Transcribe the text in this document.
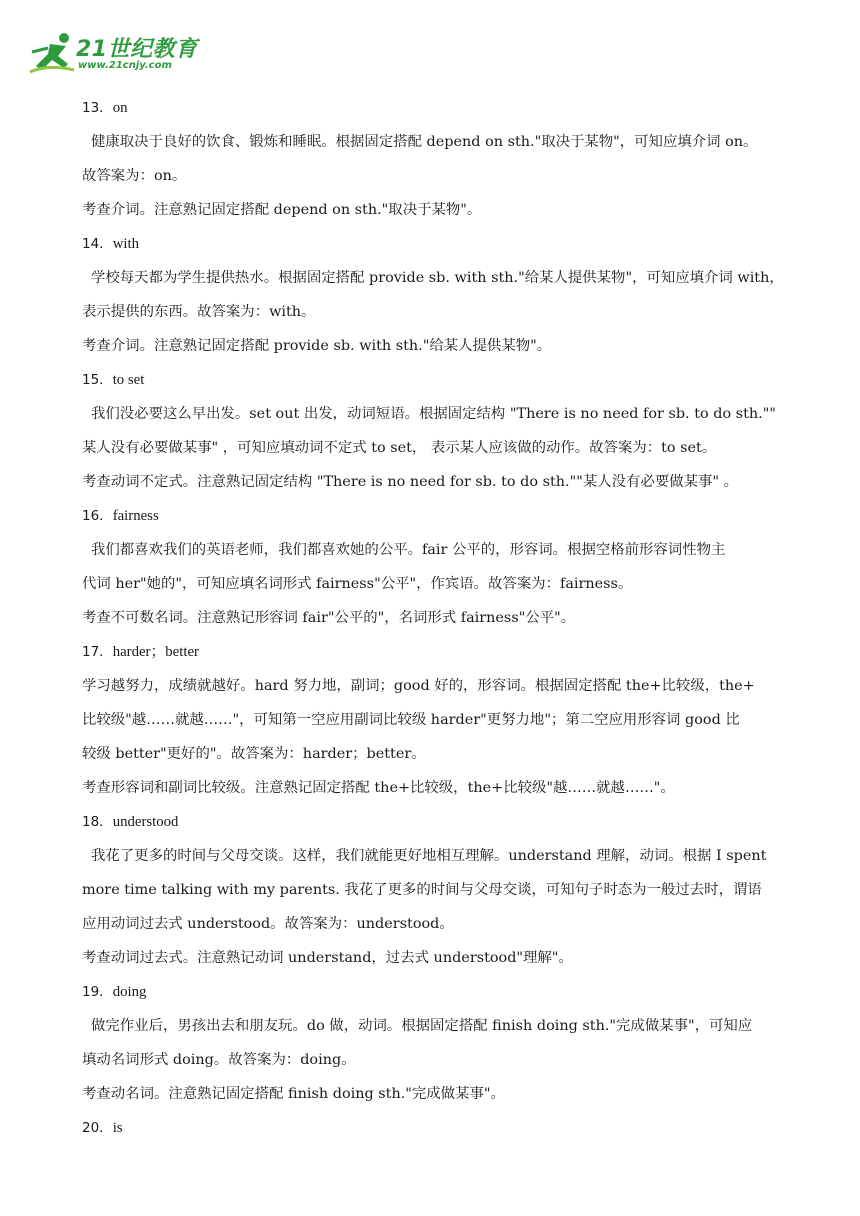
21世纪教育
www.21cnjy.com
13．on
健康取决于良好的饮食、锻炼和睡眠。根据固定搭配 depend on sth."取决于某物"，可知应填介词 on。
故答案为：on。
考查介词。注意熟记固定搭配 depend on sth."取决于某物"。
14．with
学校每天都为学生提供热水。根据固定搭配 provide sb. with sth."给某人提供某物"，可知应填介词 with，
表示提供的东西。故答案为：with。
考查介词。注意熟记固定搭配 provide sb. with sth."给某人提供某物"。
15．to set
我们没必要这么早出发。set out 出发，动词短语。根据固定结构 "There is no need for sb. to do sth.""
某人没有必要做某事" ，可知应填动词不定式 to set， 表示某人应该做的动作。故答案为：to set。
考查动词不定式。注意熟记固定结构 "There is no need for sb. to do sth.""某人没有必要做某事" 。
16．fairness
我们都喜欢我们的英语老师，我们都喜欢她的公平。fair 公平的，形容词。根据空格前形容词性物主
代词 her"她的"，可知应填名词形式 fairness"公平"，作宾语。故答案为：fairness。
考查不可数名词。注意熟记形容词 fair"公平的"，名词形式 fairness"公平"。
17．harder；better
学习越努力，成绩就越好。hard 努力地，副词；good 好的，形容词。根据固定搭配 the+比较级，the+
比较级"越……就越……"，可知第一空应用副词比较级 harder"更努力地"；第二空应用形容词 good 比
较级 better"更好的"。故答案为：harder；better。
考查形容词和副词比较级。注意熟记固定搭配 the+比较级，the+比较级"越……就越……"。
18．understood
我花了更多的时间与父母交谈。这样，我们就能更好地相互理解。understand 理解，动词。根据 I spent
more time talking with my parents. 我花了更多的时间与父母交谈，可知句子时态为一般过去时，谓语
应用动词过去式 understood。故答案为：understood。
考查动词过去式。注意熟记动词 understand，过去式 understood"理解"。
19．doing
做完作业后，男孩出去和朋友玩。do 做，动词。根据固定搭配 finish doing sth."完成做某事"，可知应
填动名词形式 doing。故答案为：doing。
考查动名词。注意熟记固定搭配 finish doing sth."完成做某事"。
20．is
